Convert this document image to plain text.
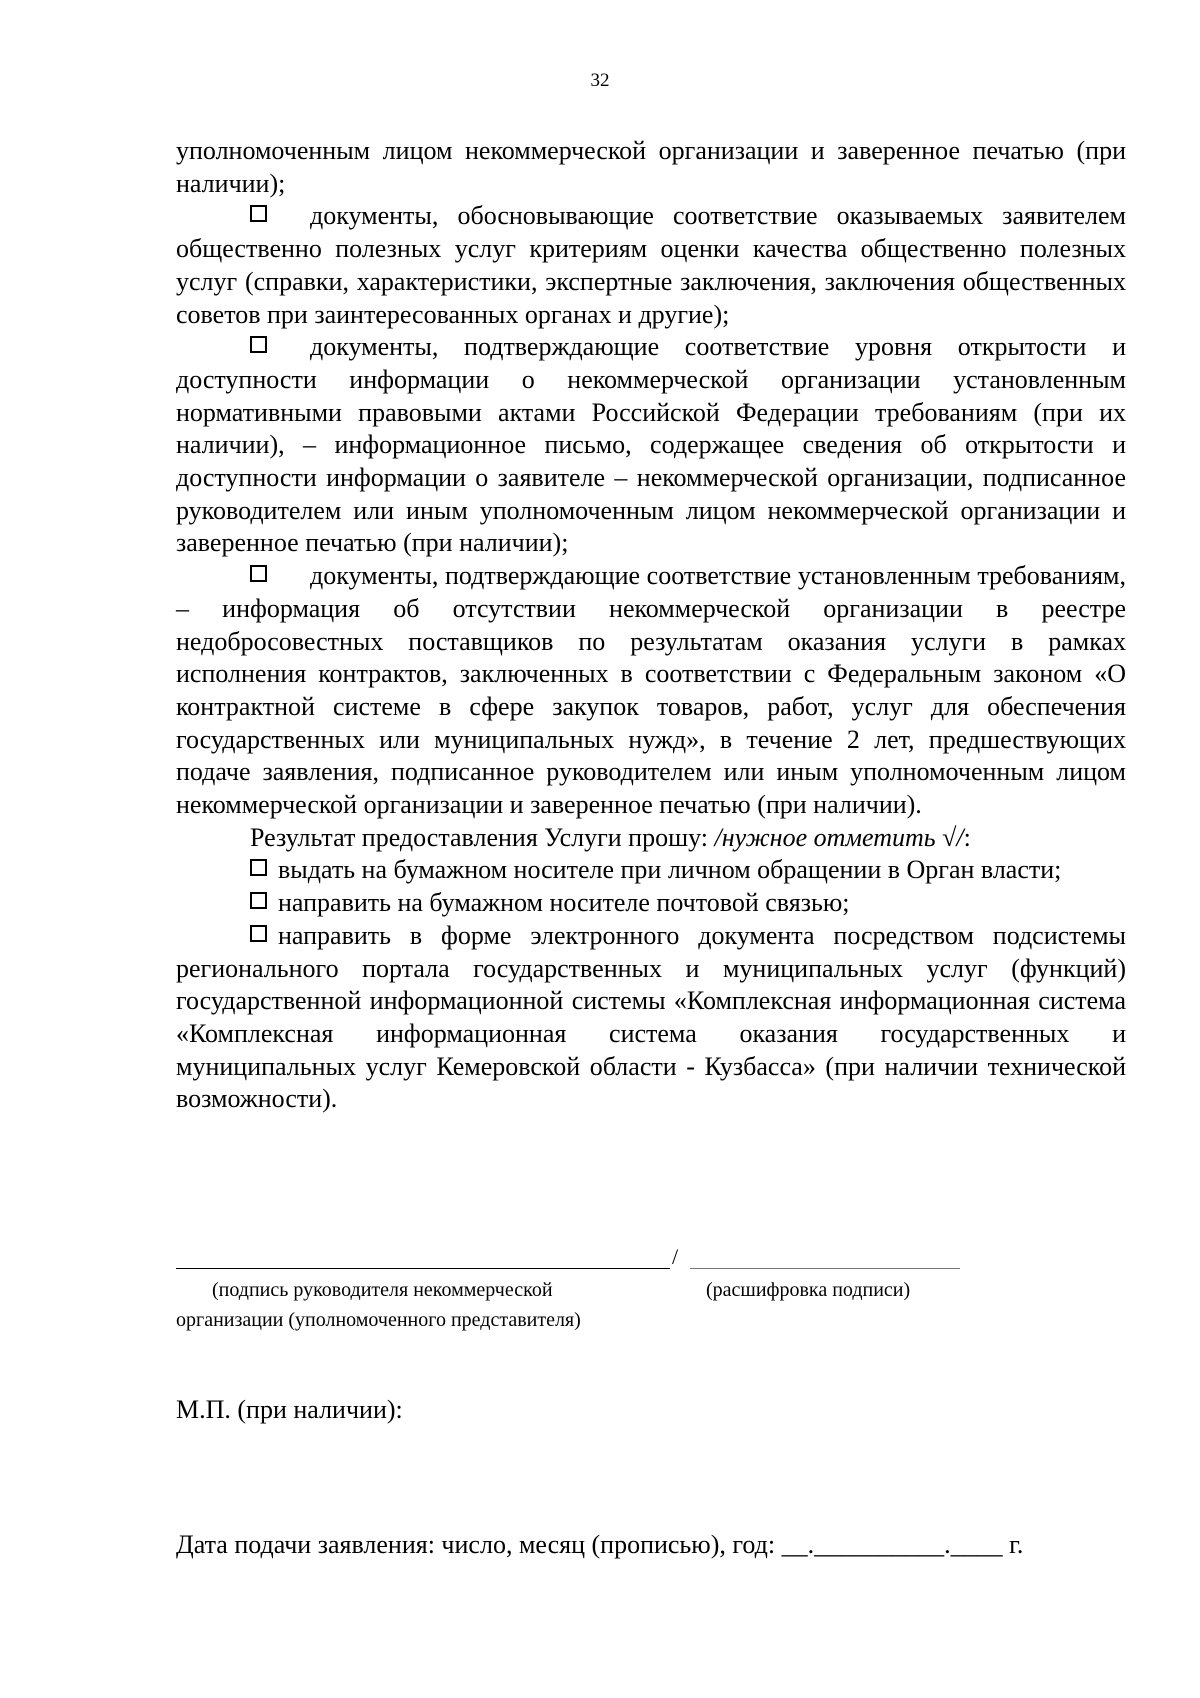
32

уполномоченным лицом некоммерческой организации и заверенное печатью (при наличии);

документы, обосновывающие соответствие оказываемых заявителем общественно полезных услуг критериям оценки качества общественно полезных услуг (справки, характеристики, экспертные заключения, заключения общественных советов при заинтересованных органах и другие);

документы, подтверждающие соответствие уровня открытости и доступности информации о некоммерческой организации установленным нормативными правовыми актами Российской Федерации требованиям (при их наличии), – информационное письмо, содержащее сведения об открытости и доступности информации о заявителе – некоммерческой организации, подписанное руководителем или иным уполномоченным лицом некоммерческой организации и заверенное печатью (при наличии);

документы, подтверждающие соответствие установленным требованиям, – информация об отсутствии некоммерческой организации в реестре недобросовестных поставщиков по результатам оказания услуги в рамках исполнения контрактов, заключенных в соответствии с Федеральным законом «О контрактной системе в сфере закупок товаров, работ, услуг для обеспечения государственных или муниципальных нужд», в течение 2 лет, предшествующих подаче заявления, подписанное руководителем или иным уполномоченным лицом некоммерческой организации и заверенное печатью (при наличии).

Результат предоставления Услуги прошу: /нужное отметить √/:

выдать на бумажном носителе при личном обращении в Орган власти;

направить на бумажном носителе почтовой связью;

направить в форме электронного документа посредством подсистемы регионального портала государственных и муниципальных услуг (функций) государственной информационной системы «Комплексная информационная система «Комплексная информационная система оказания государственных и муниципальных услуг Кемеровской области - Кузбасса» (при наличии технической возможности).

/
(подпись руководителя некоммерческой
организации (уполномоченного представителя)
(расшифровка подписи)
М.П. (при наличии):
Дата подачи заявления: число, месяц (прописью), год: __.__________.____ г.
